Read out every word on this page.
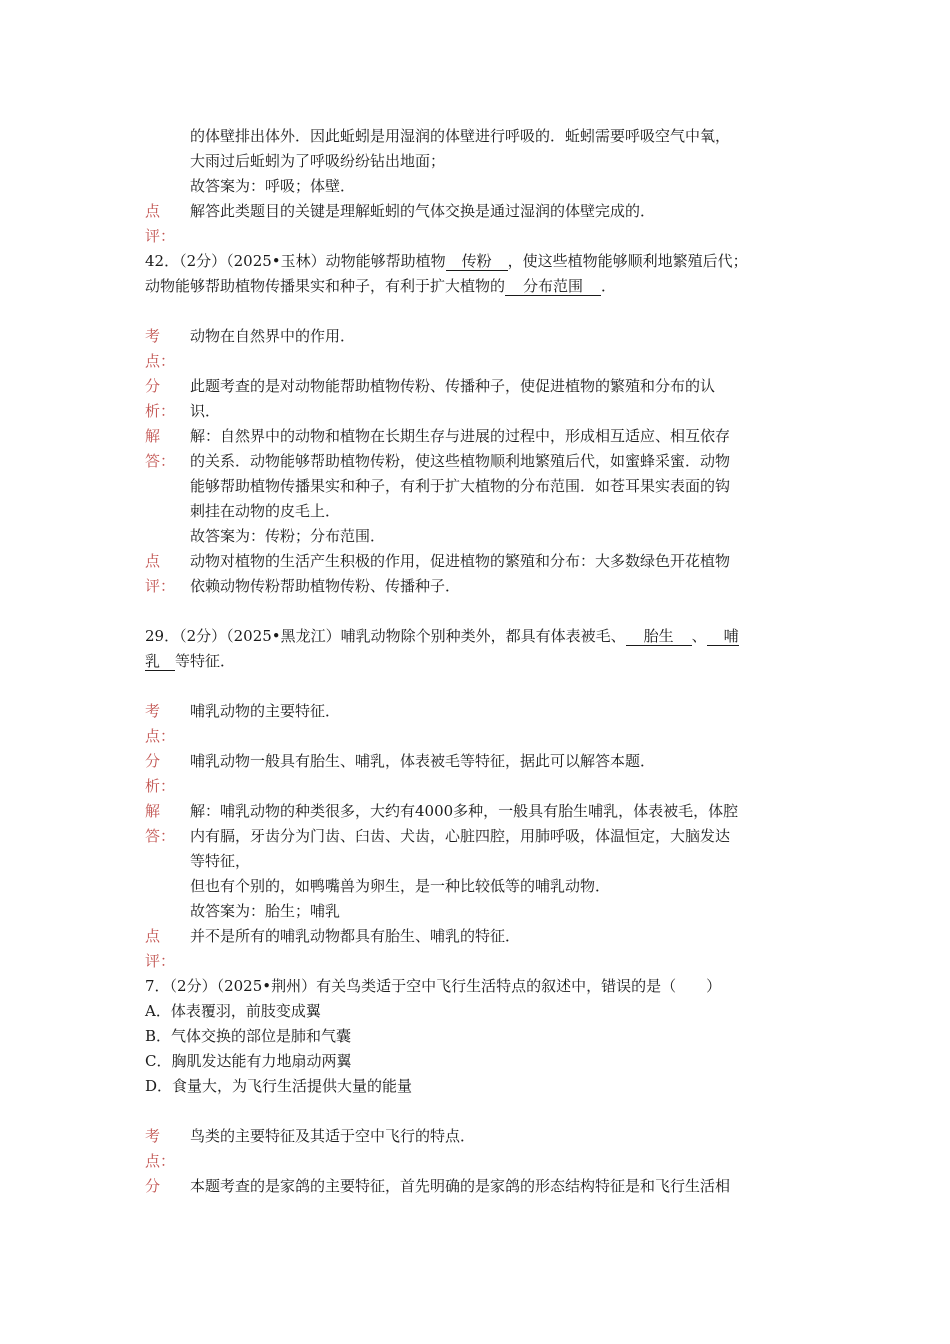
的体壁排出体外．因此蚯蚓是用湿润的体壁进行呼吸的．蚯蚓需要呼吸空气中氧，
大雨过后蚯蚓为了呼吸纷纷钻出地面；
故答案为：呼吸；体壁．
点
评：
解答此类题目的关键是理解蚯蚓的气体交换是通过湿润的体壁完成的．
42．（2分）（2025•玉林）动物能够帮助植物 传粉 ，使这些植物能够顺利地繁殖后代；
动物能够帮助植物传播果实和种子，有利于扩大植物的 分布范围 ．
考
点：
动物在自然界中的作用．
分
析：
此题考查的是对动物能帮助植物传粉、传播种子，使促进植物的繁殖和分布的认
识．
解
答：
解：自然界中的动物和植物在长期生存与进展的过程中，形成相互适应、相互依存
的关系．动物能够帮助植物传粉，使这些植物顺利地繁殖后代，如蜜蜂采蜜．动物
能够帮助植物传播果实和种子，有利于扩大植物的分布范围．如苍耳果实表面的钩
刺挂在动物的皮毛上．
故答案为：传粉；分布范围．
点
评：
动物对植物的生活产生积极的作用，促进植物的繁殖和分布：大多数绿色开花植物
依赖动物传粉帮助植物传粉、传播种子．
29．（2分）（2025•黑龙江）哺乳动物除个别种类外，都具有体表被毛、 胎生 、 哺
乳 等特征．
考
点：
哺乳动物的主要特征．
分
析：
哺乳动物一般具有胎生、哺乳，体表被毛等特征，据此可以解答本题．
解
答：
解：哺乳动物的种类很多，大约有4000多种，一般具有胎生哺乳，体表被毛，体腔
内有膈，牙齿分为门齿、臼齿、犬齿，心脏四腔，用肺呼吸，体温恒定，大脑发达
等特征，
但也有个别的，如鸭嘴兽为卵生，是一种比较低等的哺乳动物．
故答案为：胎生；哺乳
点
评：
并不是所有的哺乳动物都具有胎生、哺乳的特征．
7．（2分）（2025•荆州）有关鸟类适于空中飞行生活特点的叙述中，错误的是（　　）
A．体表覆羽，前肢变成翼
B．气体交换的部位是肺和气囊
C．胸肌发达能有力地扇动两翼
D．食量大，为飞行生活提供大量的能量
考
点：
鸟类的主要特征及其适于空中飞行的特点．
分	本题考查的是家鸽的主要特征，首先明确的是家鸽的形态结构特征是和飞行生活相
